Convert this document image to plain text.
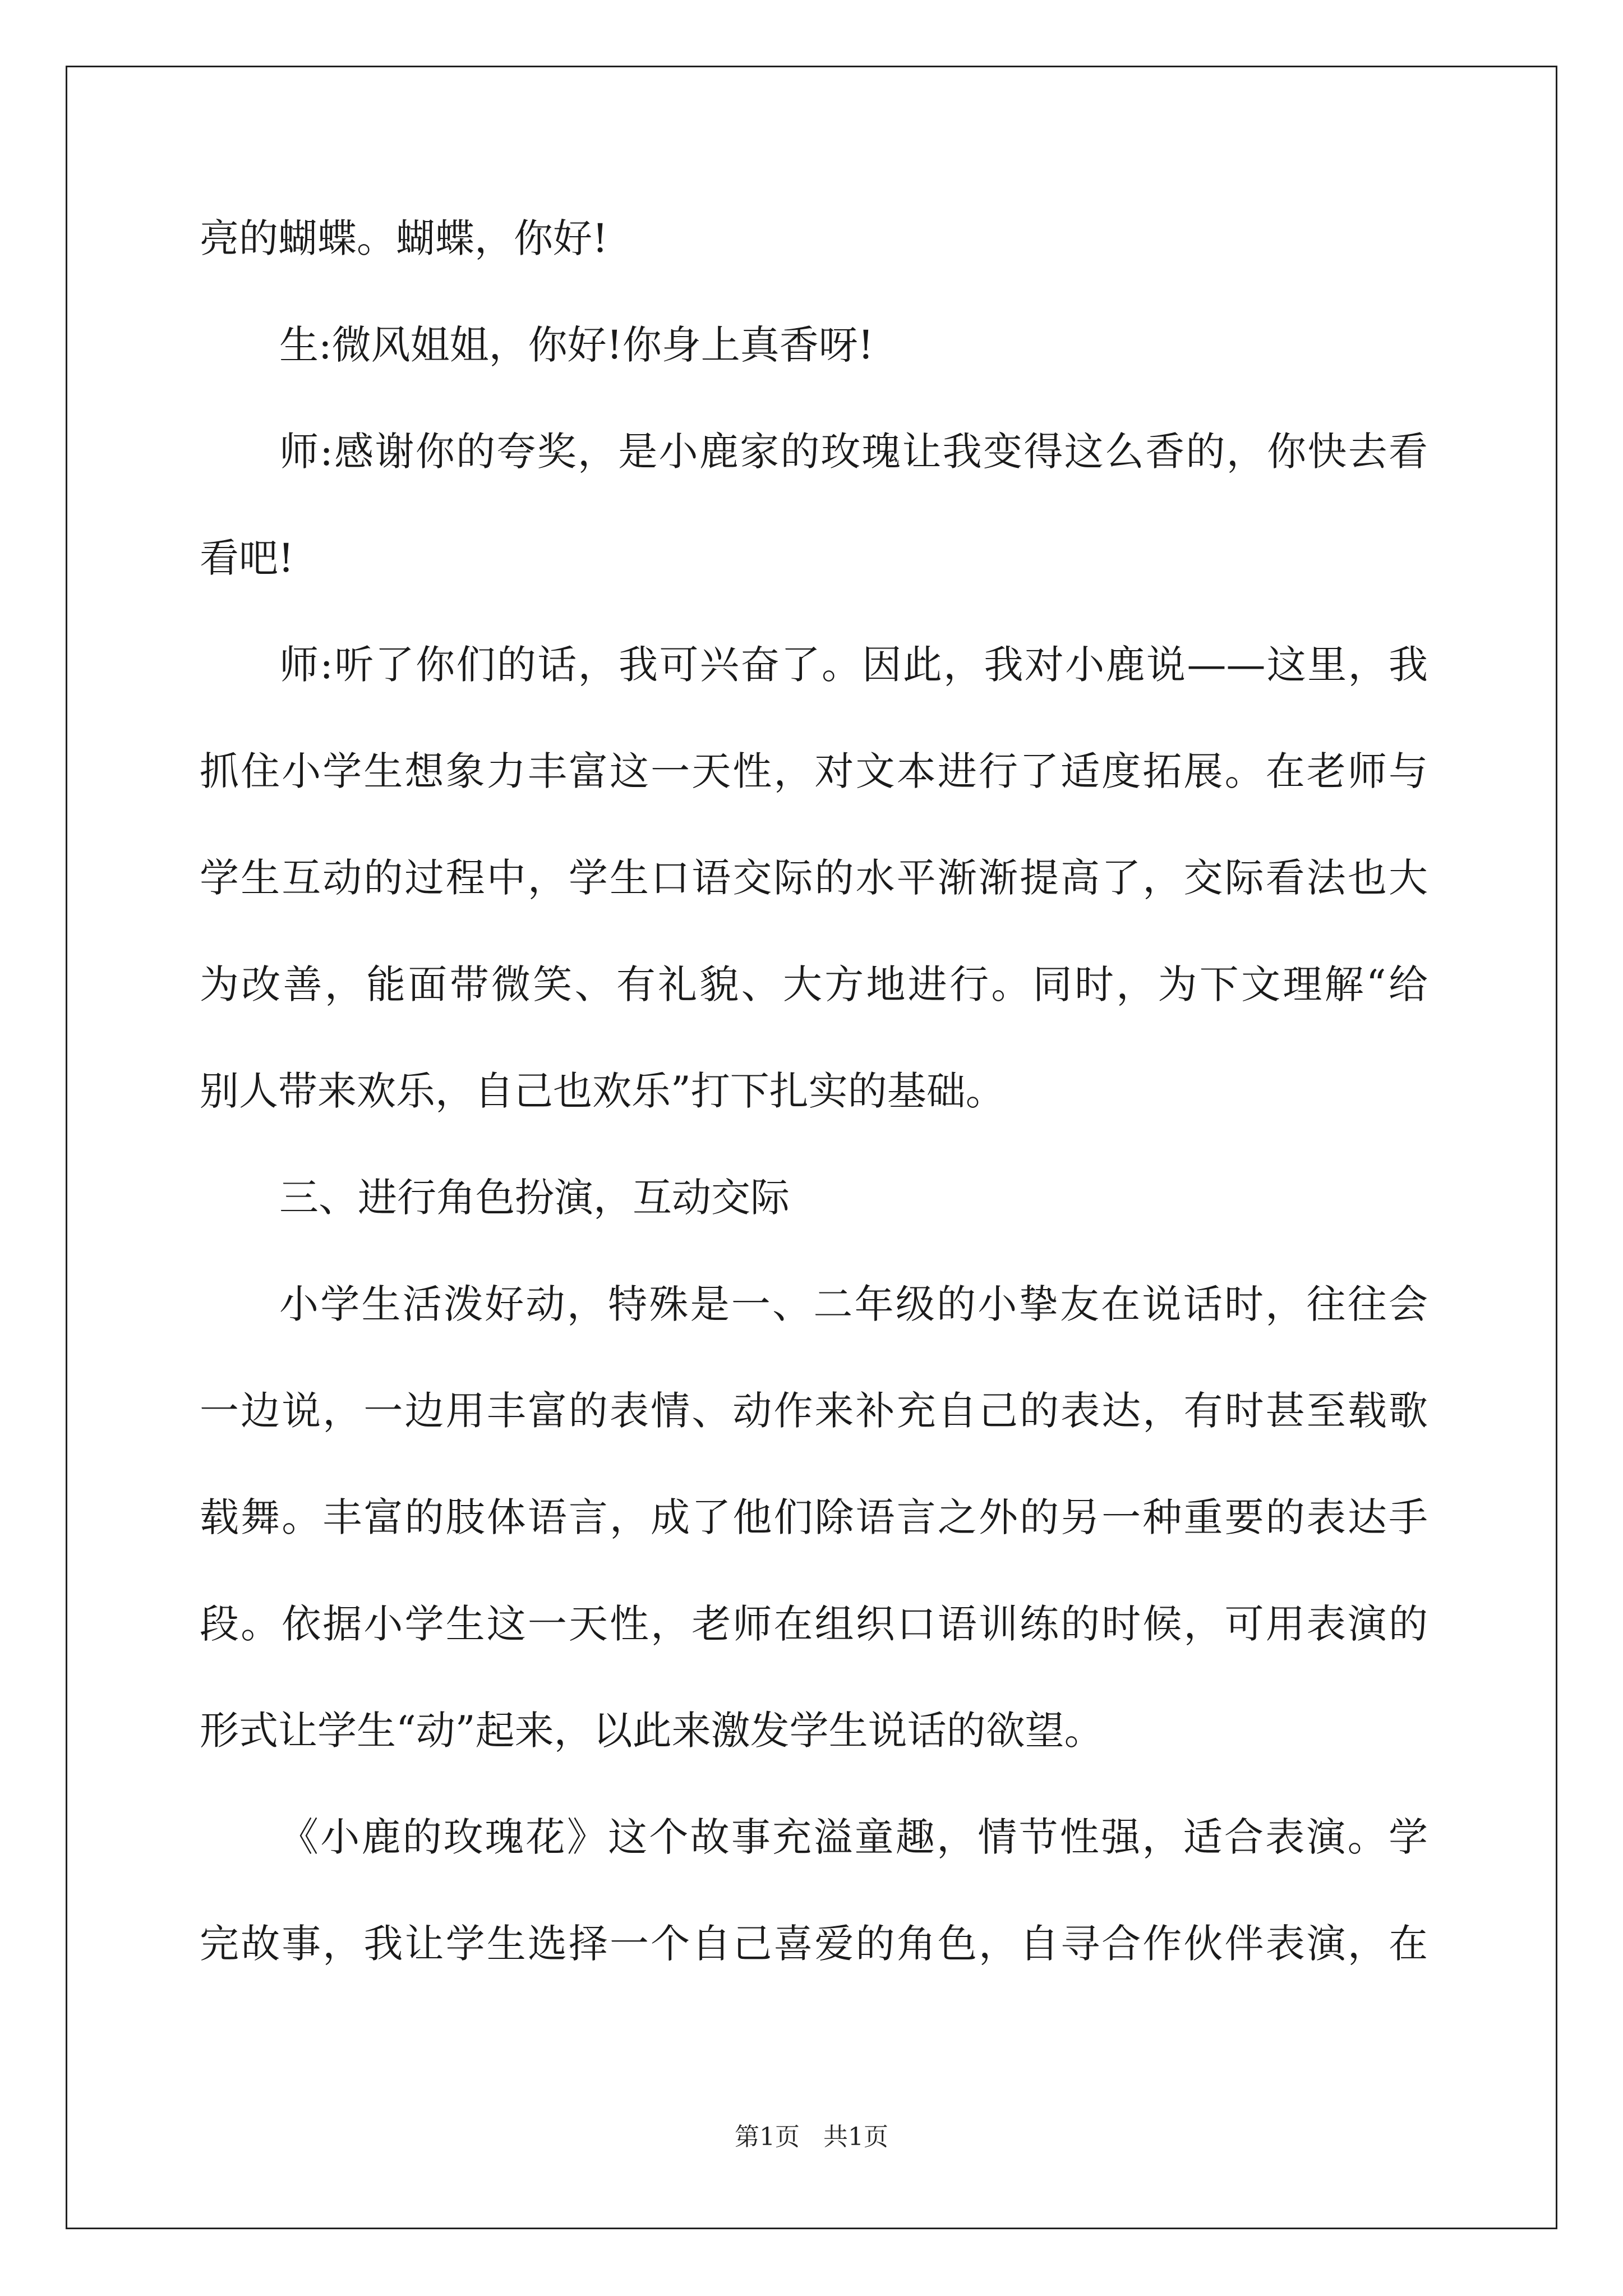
亮的蝴蝶。蝴蝶，你好!
生:微风姐姐，你好!你身上真香呀!
师:感谢你的夸奖，是小鹿家的玫瑰让我变得这么香的，你快去看
看吧!
师:听了你们的话，我可兴奋了。因此，我对小鹿说——这里，我
抓住小学生想象力丰富这一天性，对文本进行了适度拓展。在老师与
学生互动的过程中，学生口语交际的水平渐渐提高了，交际看法也大
为改善，能面带微笑、有礼貌、大方地进行。同时，为下文理解“给
别人带来欢乐，自己也欢乐”打下扎实的基础。
三、进行角色扮演，互动交际
小学生活泼好动，特殊是一、二年级的小挚友在说话时，往往会
一边说，一边用丰富的表情、动作来补充自己的表达，有时甚至载歌
载舞。丰富的肢体语言，成了他们除语言之外的另一种重要的表达手
段。依据小学生这一天性，老师在组织口语训练的时候，可用表演的
形式让学生“动”起来，以此来激发学生说话的欲望。
《小鹿的玫瑰花》这个故事充溢童趣，情节性强，适合表演。学
完故事，我让学生选择一个自己喜爱的角色，自寻合作伙伴表演，在
第1页 共1页
